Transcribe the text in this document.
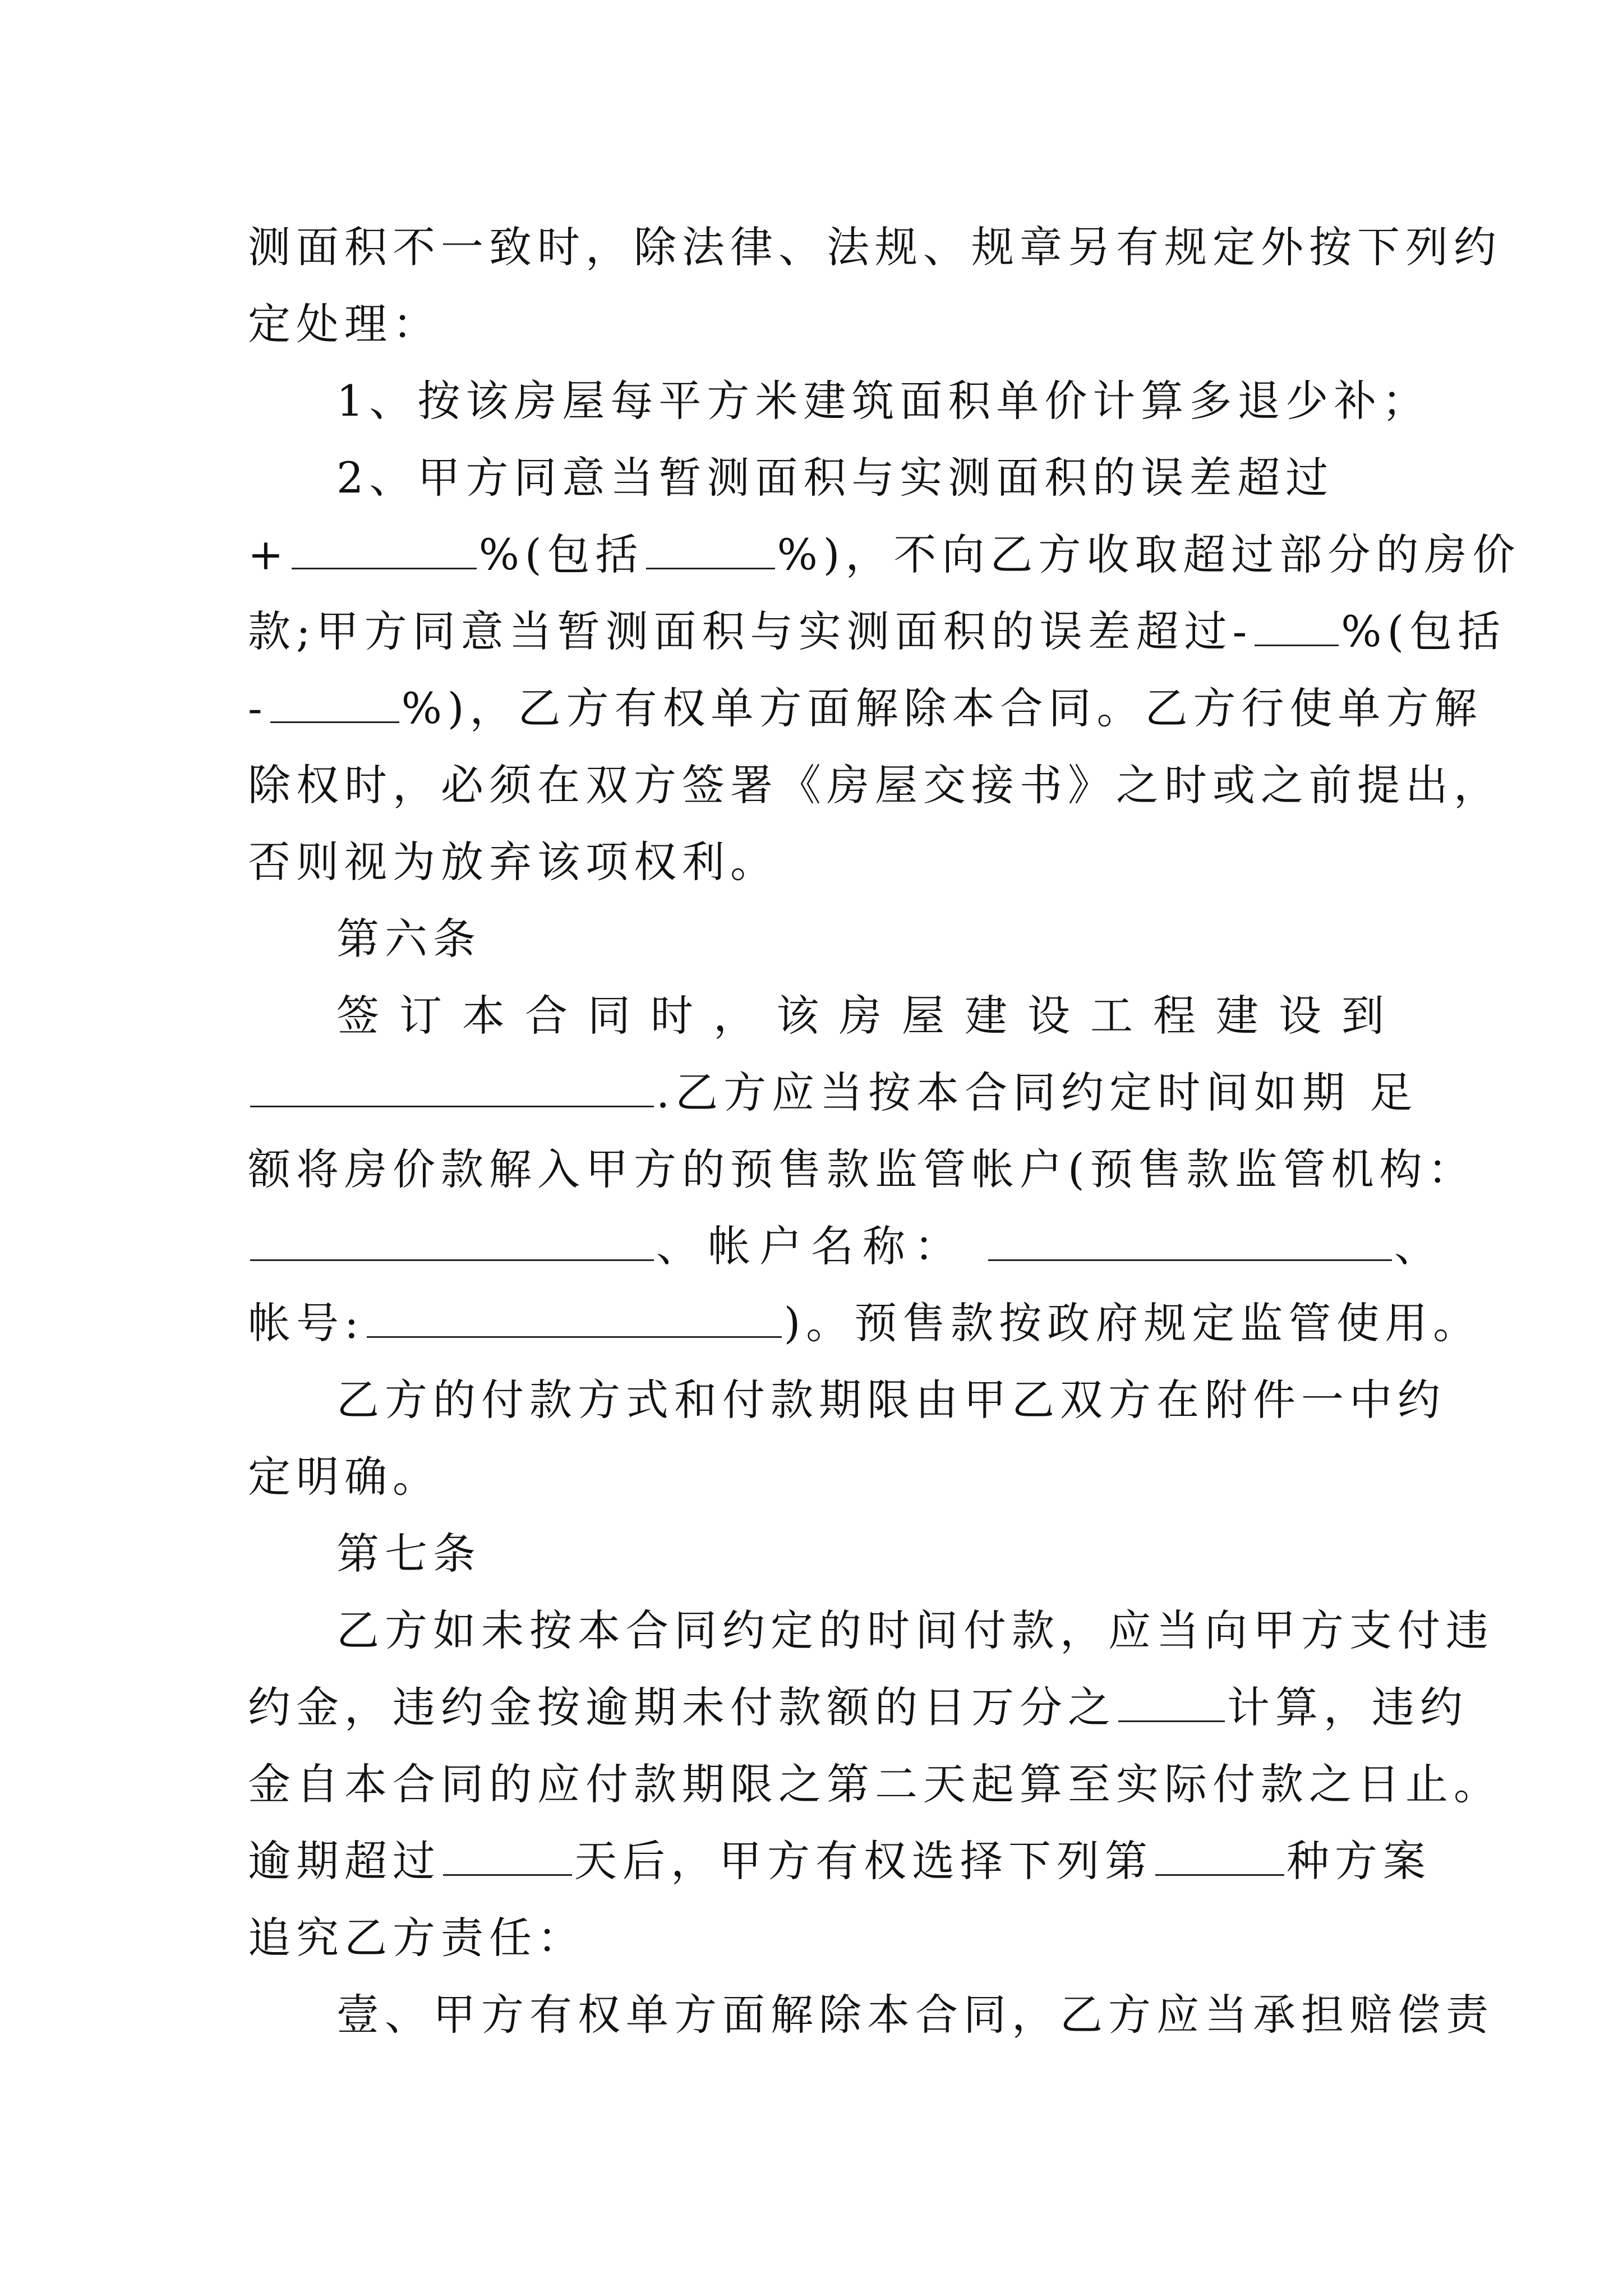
测面积不一致时，除法律、法规、规章另有规定外按下列约
定处理：
1、按该房屋每平方米建筑面积单价计算多退少补；
2、甲方同意当暂测面积与实测面积的误差超过
+	%(包括	%)，不向乙方收取超过部分的房价
款;甲方同意当暂测面积与实测面积的误差超过- %(包括
-	%)，乙方有权单方面解除本合同。乙方行使单方解
除权时，必须在双方签署《房屋交接书》之时或之前提出，
否则视为放弃该项权利。
第六条
签订本合同时，该房屋建设工程建设到
.乙方应当按本合同约定时间如期 足
额将房价款解入甲方的预售款监管帐户(预售款监管机构：
、帐户名称：	、
帐号:	)。预售款按政府规定监管使用。
乙方的付款方式和付款期限由甲乙双方在附件一中约
定明确。
第七条
乙方如未按本合同约定的时间付款，应当向甲方支付违
约金，违约金按逾期未付款额的日万分之	计算，违约
金自本合同的应付款期限之第二天起算至实际付款之日止。
逾期超过	天后，甲方有权选择下列第	种方案
追究乙方责任：
壹、甲方有权单方面解除本合同，乙方应当承担赔偿责
